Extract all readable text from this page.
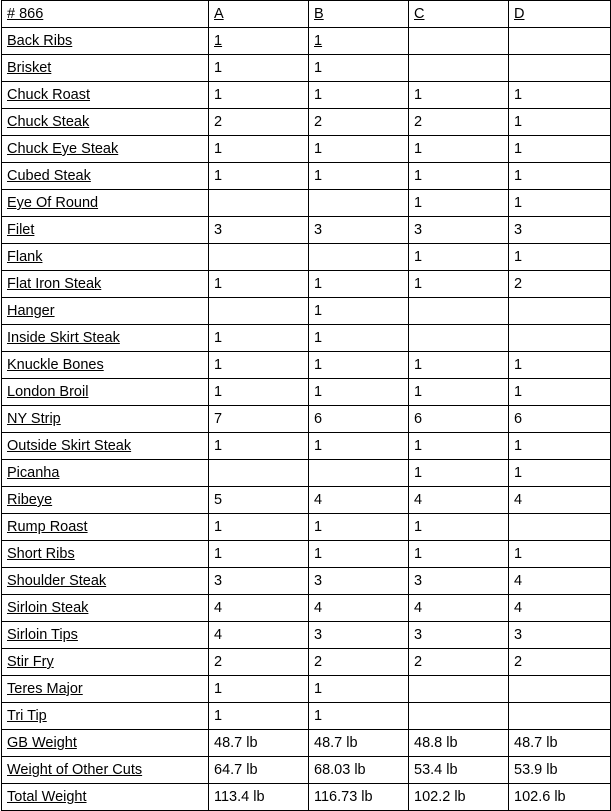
# 866	A	B	C	D
Back Ribs	1	1		
Brisket	1	1		
Chuck Roast	1	1	1	1
Chuck Steak	2	2	2	1
Chuck Eye Steak	1	1	1	1
Cubed Steak	1	1	1	1
Eye Of Round			1	1
Filet	3	3	3	3
Flank			1	1
Flat Iron Steak	1	1	1	2
Hanger		1		
Inside Skirt Steak	1	1		
Knuckle Bones	1	1	1	1
London Broil	1	1	1	1
NY Strip	7	6	6	6
Outside Skirt Steak	1	1	1	1
Picanha			1	1
Ribeye	5	4	4	4
Rump Roast	1	1	1	
Short Ribs	1	1	1	1
Shoulder Steak	3	3	3	4
Sirloin Steak	4	4	4	4
Sirloin Tips	4	3	3	3
Stir Fry	2	2	2	2
Teres Major	1	1		
Tri Tip	1	1		
GB Weight	48.7 lb	48.7 lb	48.8 lb	48.7 lb
Weight of Other Cuts	64.7 lb	68.03 lb	53.4 lb	53.9 lb
Total Weight	113.4 lb	116.73 lb	102.2 lb	102.6 lb
